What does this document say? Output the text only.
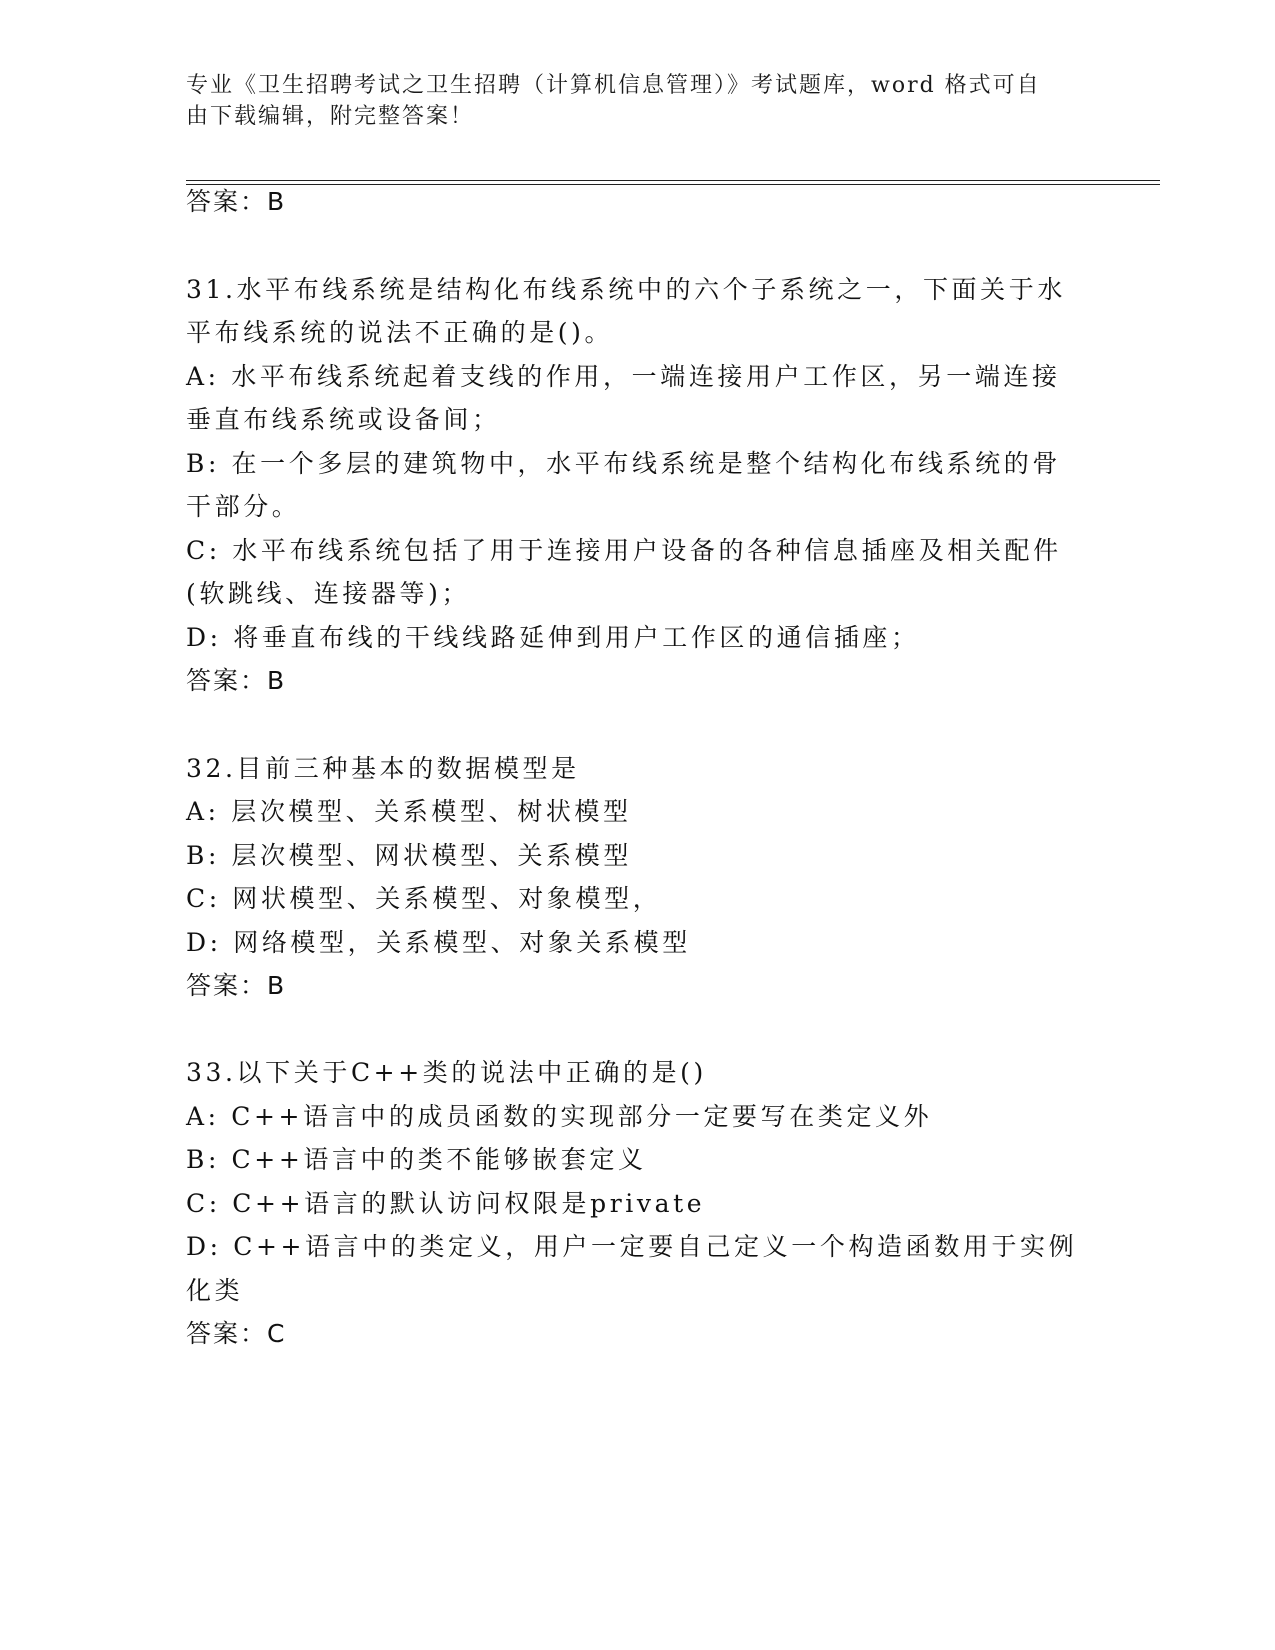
专业《卫生招聘考试之卫生招聘（计算机信息管理）》考试题库，word 格式可自
由下载编辑，附完整答案！
答案：B
31.水平布线系统是结构化布线系统中的六个子系统之一，下面关于水
平布线系统的说法不正确的是()。
A: 水平布线系统起着支线的作用，一端连接用户工作区，另一端连接
垂直布线系统或设备间；
B: 在一个多层的建筑物中，水平布线系统是整个结构化布线系统的骨
干部分。
C: 水平布线系统包括了用于连接用户设备的各种信息插座及相关配件
(软跳线、连接器等)；
D: 将垂直布线的干线线路延伸到用户工作区的通信插座；
答案：B
32.目前三种基本的数据模型是
A: 层次模型、关系模型、树状模型
B: 层次模型、网状模型、关系模型
C: 网状模型、关系模型、对象模型，
D: 网络模型，关系模型、对象关系模型
答案：B
33.以下关于C++类的说法中正确的是()
A: C++语言中的成员函数的实现部分一定要写在类定义外
B: C++语言中的类不能够嵌套定义
C: C++语言的默认访问权限是private
D: C++语言中的类定义，用户一定要自己定义一个构造函数用于实例
化类
答案：C
